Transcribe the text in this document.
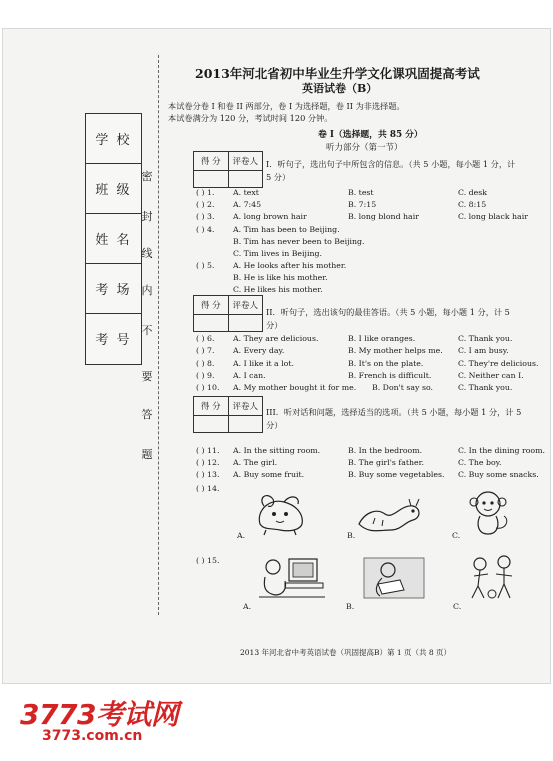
学 校
班 级
姓 名
考 场
考 号
密
封
线
内
不
要
答
题
2013年河北省初中毕业生升学文化课巩固提高考试
英语试卷（B）
本试卷分卷 I 和卷 II 两部分，卷 I 为选择题，卷 II 为非选择题。
本试卷满分为 120 分，考试时间 120 分钟。
卷 I（选择题，共 85 分）
听力部分（第一节）
得 分	评卷人 I．听句子，选出句子中所包含的信息。（共 5 小题，每小题 1 分，计
5 分）
( ) 1. A. text	B. test	C. desk
( ) 2. A. 7:45	B. 7:15	C. 8:15
( ) 3. A. long brown hair	B. long blond hair	C. long black hair
( ) 4. A. Tim has been to Beijing.
B. Tim has never been to Beijing.
C. Tim lives in Beijing.
( ) 5. A. He looks after his mother.
B. He is like his mother.
C. He likes his mother.
得 分	评卷人
II．听句子，选出该句的最佳答语。（共 5 小题，每小题 1 分，计 5
分）
( ) 6. A. They are delicious.	B. I like oranges.	C. Thank you.
( ) 7. A. Every day.	B. My mother helps me. C. I am busy.
( ) 8. A. I like it a lot.	B. It's on the plate.	C. They're delicious.
( ) 9. A. I can.	B. French is difficult.	C. Neither can I.
( ) 10. A. My mother bought it for me. B. Don't say so.	C. Thank you.
得 分	评卷人 III．听对话和问题，选择适当的选项。（共 5 小题，每小题 1 分，计 5
分）
( ) 11. A. In the sitting room.	B. In the bedroom.	C. In the dining room.
( ) 12. A. The girl.	B. The girl's father.	C. The boy.
( ) 13. A. Buy some fruit.	B. Buy some vegetables. C. Buy some snacks.
( ) 14.
A.	B.	C.
( ) 15.
A.	B.	C.
2013 年河北省中考英语试卷（巩固提高B）第 1 页（共 8 页）
3773考试网
3773.com.cn
